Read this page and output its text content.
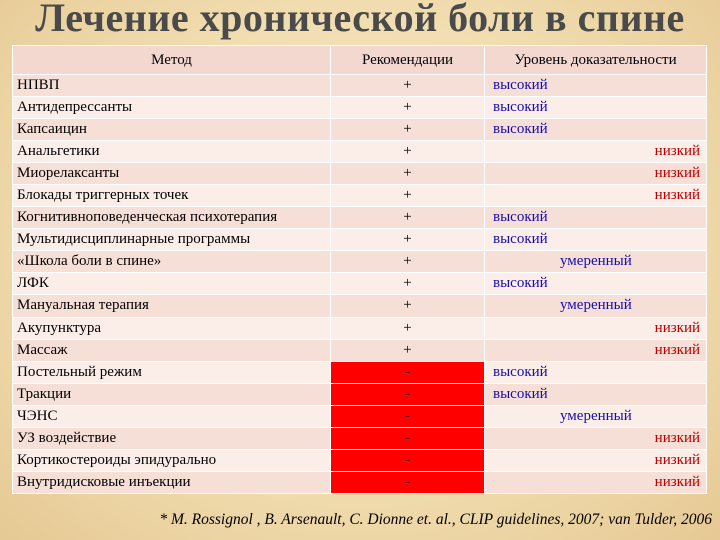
Лечение хронической боли в спине
Метод	Рекомендации	Уровень доказательности
НПВП	+	высокий

Антидепрессанты	+	высокий

Капсаицин	+	высокий

Анальгетики	+	низкий

Миорелаксанты	+	низкий

Блокады триггерных точек	+	низкий

Когнитивноповеденческая психотерапия	+	высокий

Мультидисциплинарные программы	+	высокий

«Школа боли в спине»	+	умеренный

ЛФК	+	высокий

Мануальная терапия	+	умеренный

Акупунктура	+	низкий

Массаж	+	низкий

Постельный режим	-	высокий

Тракции	-	высокий

ЧЭНС	-	умеренный

УЗ воздействие	-	низкий

Кортикостероиды эпидурально	-	низкий

Внутридисковые инъекции	-	низкий
* M. Rossignol , B. Arsenault, C. Dionne et. al., CLIP guidelines, 2007; van Tulder, 2006
